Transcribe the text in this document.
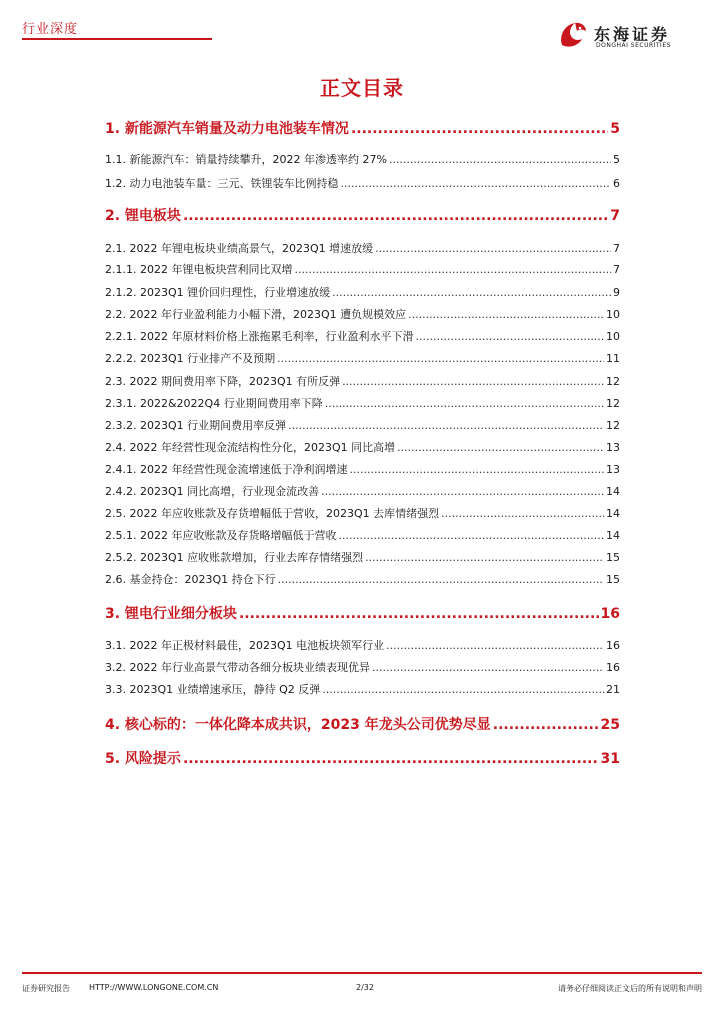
行业深度	东海证券
DONGHAI SECURITIES
正文目录
1. 新能源汽车销量及动力电池装车情况 .....	5
1.1. 新能源汽车：销量持续攀升，2022 年渗透率约 27% .....	5
1.2. 动力电池装车量：三元、铁锂装车比例持稳 .....	6
2. 锂电板块 .....	7
2.1. 2022 年锂电板块业绩高景气，2023Q1 增速放缓 .....	7
2.1.1. 2022 年锂电板块营利同比双增 .....	7
2.1.2. 2023Q1 锂价回归理性，行业增速放缓 .....	9
2.2. 2022 年行业盈利能力小幅下滑，2023Q1 遭负规模效应 .....	10
2.2.1. 2022 年原材料价格上涨拖累毛利率，行业盈利水平下滑 .....	10
2.2.2. 2023Q1 行业排产不及预期 .....	11
2.3. 2022 期间费用率下降，2023Q1 有所反弹 .....	12
2.3.1. 2022&2022Q4 行业期间费用率下降 .....	12
2.3.2. 2023Q1 行业期间费用率反弹 .....	12
2.4. 2022 年经营性现金流结构性分化，2023Q1 同比高增 .....	13
2.4.1. 2022 年经营性现金流增速低于净利润增速 .....	13
2.4.2. 2023Q1 同比高增，行业现金流改善 .....	14
2.5. 2022 年应收账款及存货增幅低于营收，2023Q1 去库情绪强烈 .....	14
2.5.1. 2022 年应收账款及存货略增幅低于营收 .....	14
2.5.2. 2023Q1 应收账款增加，行业去库存情绪强烈 .....	15
2.6. 基金持仓：2023Q1 持仓下行 .....	15
3. 锂电行业细分板块 .....	16
3.1. 2022 年正极材料最佳，2023Q1 电池板块领军行业 .....	16
3.2. 2022 年行业高景气带动各细分板块业绩表现优异 .....	16
3.3. 2023Q1 业绩增速承压，静待 Q2 反弹 .....	21
4. 核心标的：一体化降本成共识，2023 年龙头公司优势尽显 .....	25
5. 风险提示 .....	31
证券研究报告 HTTP://WWW.LONGONE.COM.CN	2/32	请务必仔细阅读正文后的所有说明和声明
